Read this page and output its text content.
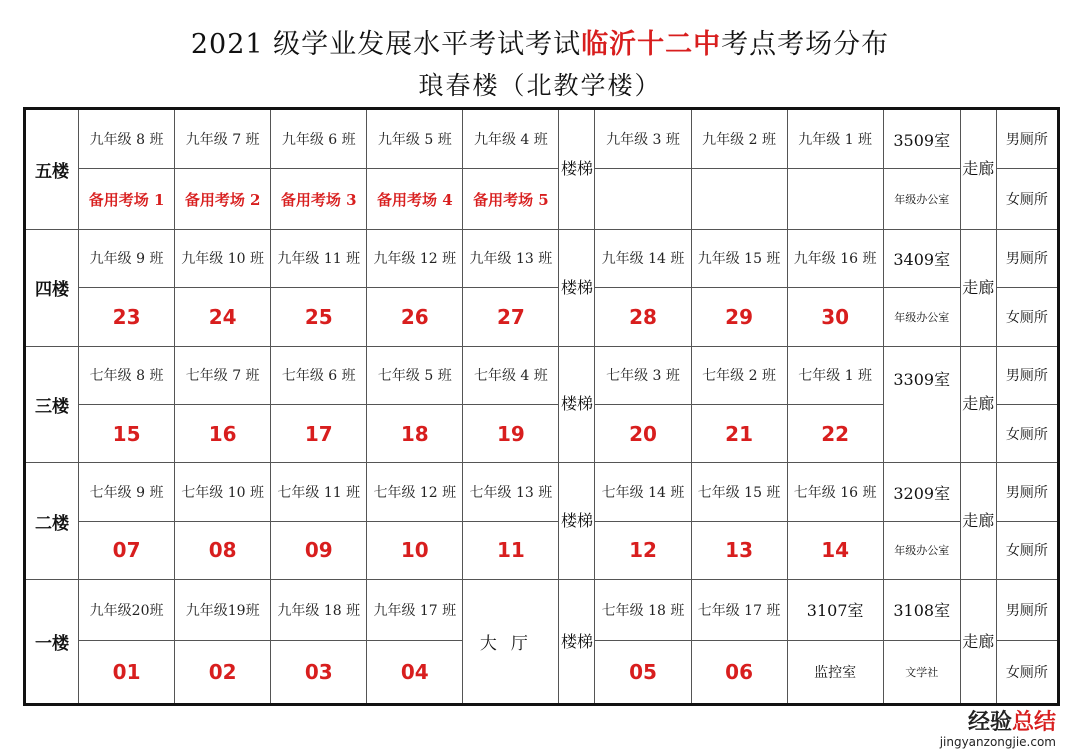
2021 级学业发展水平考试考试临沂十二中考点考场分布
琅春楼（北教学楼）
五楼	九年级 8 班	九年级 7 班	九年级 6 班	九年级 5 班	九年级 4 班	楼梯	九年级 3 班	九年级 2 班	九年级 1 班	3509室	走廊	男厕所
	备用考场 1	备用考场 2	备用考场 3	备用考场 4	备用考场 5					年级办公室		女厕所
四楼	九年级 9 班	九年级 10 班	九年级 11 班	九年级 12 班	九年级 13 班	楼梯	九年级 14 班	九年级 15 班	九年级 16 班	3409室	走廊	男厕所
	23	24	25	26	27		28	29	30	年级办公室		女厕所
三楼	七年级 8 班	七年级 7 班	七年级 6 班	七年级 5 班	七年级 4 班	楼梯	七年级 3 班	七年级 2 班	七年级 1 班	3309室	走廊	男厕所
	15	16	17	18	19		20	21	22			女厕所
二楼	七年级 9 班	七年级 10 班	七年级 11 班	七年级 12 班	七年级 13 班	楼梯	七年级 14 班	七年级 15 班	七年级 16 班	3209室	走廊	男厕所
	07	08	09	10	11		12	13	14	年级办公室		女厕所
一楼	九年级20班	九年级19班	九年级 18 班	九年级 17 班	大厅	楼梯	七年级 18 班	七年级 17 班	3107室	3108室	走廊	男厕所
	01	02	03	04			05	06	监控室	文学社		女厕所
经验总结
jingyanzongjie.com
